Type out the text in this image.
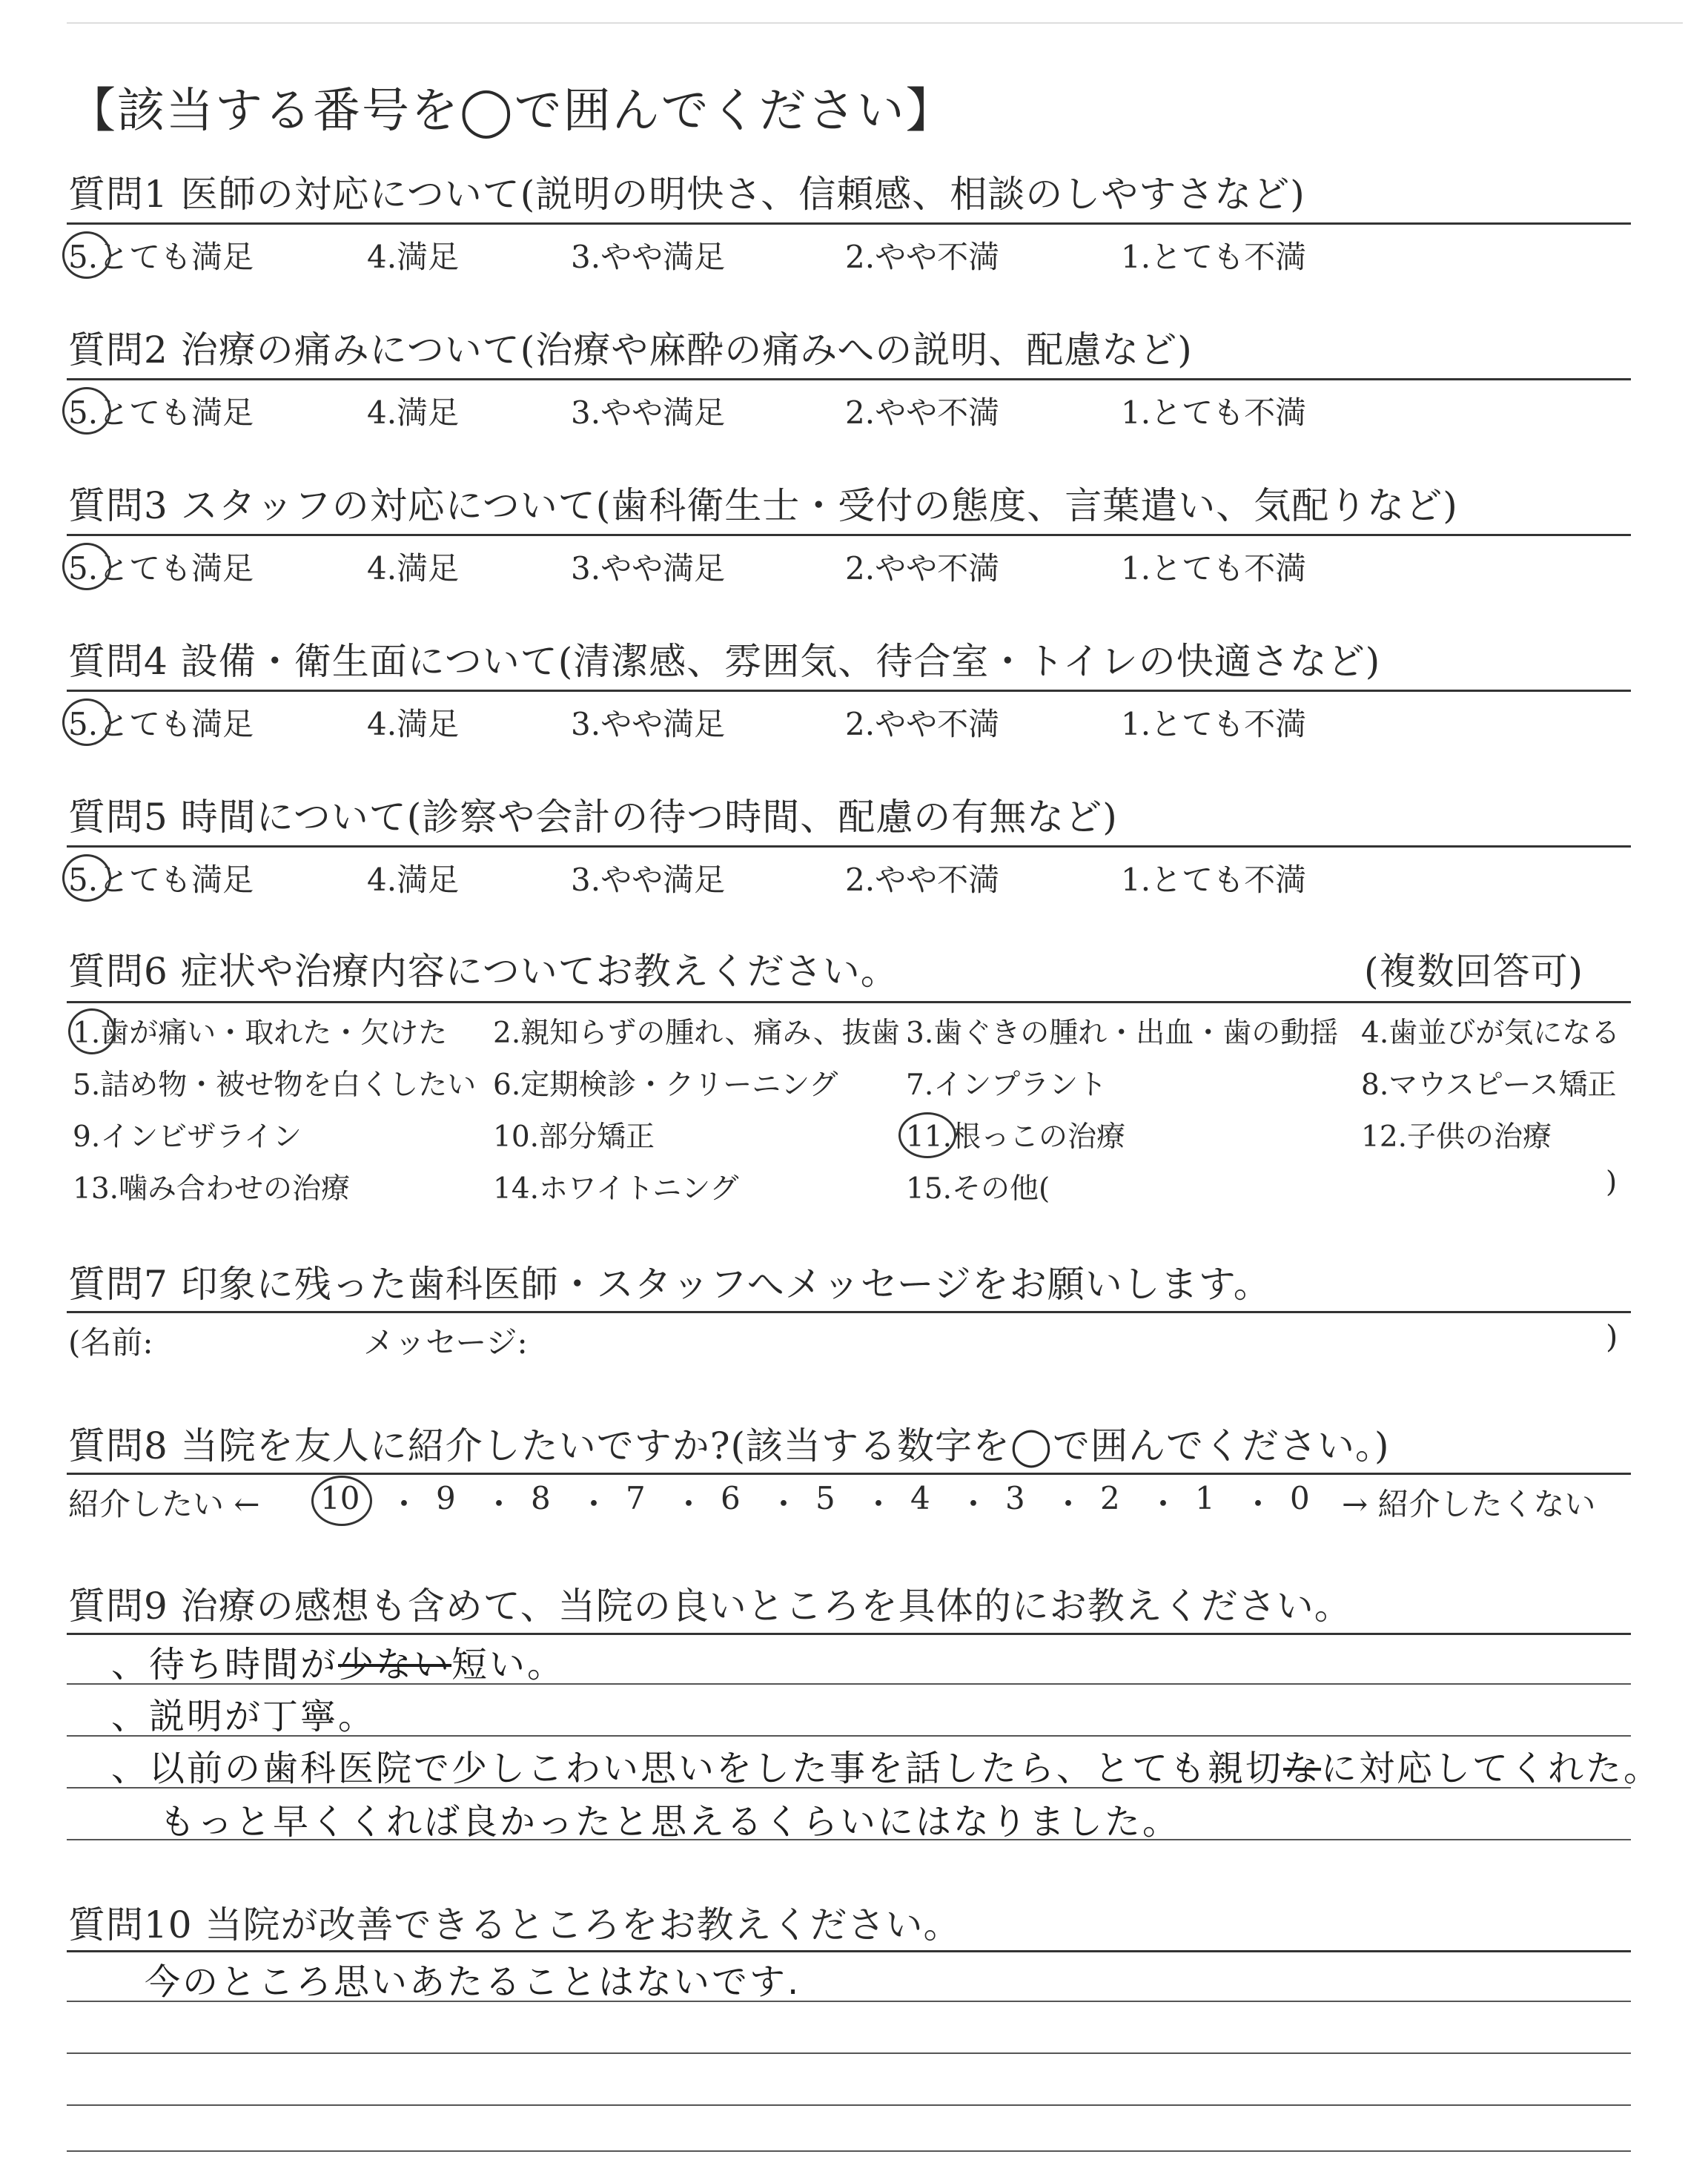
【該当する番号を◯で囲んでください】
質問1 医師の対応について(説明の明快さ、信頼感、相談のしやすさなど)
5.とても満足	4.満足	3.やや満足	2.やや不満	1.とても不満
質問2 治療の痛みについて(治療や麻酔の痛みへの説明、配慮など)
5.とても満足	4.満足	3.やや満足	2.やや不満	1.とても不満
質問3 スタッフの対応について(歯科衛生士・受付の態度、言葉遣い、気配りなど)
5.とても満足	4.満足	3.やや満足	2.やや不満	1.とても不満
質問4 設備・衛生面について(清潔感、雰囲気、待合室・トイレの快適さなど)
5.とても満足	4.満足	3.やや満足	2.やや不満	1.とても不満
質問5 時間について(診察や会計の待つ時間、配慮の有無など)
5.とても満足	4.満足	3.やや満足	2.やや不満	1.とても不満
質問6 症状や治療内容についてお教えください。	(複数回答可)
1.歯が痛い・取れた・欠けた 2.親知らずの腫れ、痛み、抜歯 3.歯ぐきの腫れ・出血・歯の動揺 4.歯並びが気になる
5.詰め物・被せ物を白くしたい 6.定期検診・クリーニング 7.インプラント	8.マウスピース矯正
9.インビザライン	10.部分矯正	11.根っこの治療	12.子供の治療
13.噛み合わせの治療	14.ホワイトニング	15.その他(	)
質問7 印象に残った歯科医師・スタッフへメッセージをお願いします。
(名前:	メッセージ:	)
質問8 当院を友人に紹介したいですか?(該当する数字を◯で囲んでください。)
紹介したい ← 10 ・ 9 ・ 8 ・ 7 ・ 6 ・ 5 ・ 4 ・ 3 ・ 2 ・ 1 ・ 0 → 紹介したくない
質問9 治療の感想も含めて、当院の良いところを具体的にお教えください。
、待ち時間が少ない短い。
、説明が丁寧。
、以前の歯科医院で少しこわい思いをした事を話したら、とても親切なに対応してくれた。
もっと早くくれば良かったと思えるくらいにはなりました。
質問10 当院が改善できるところをお教えください。
今のところ思いあたることはないです.
